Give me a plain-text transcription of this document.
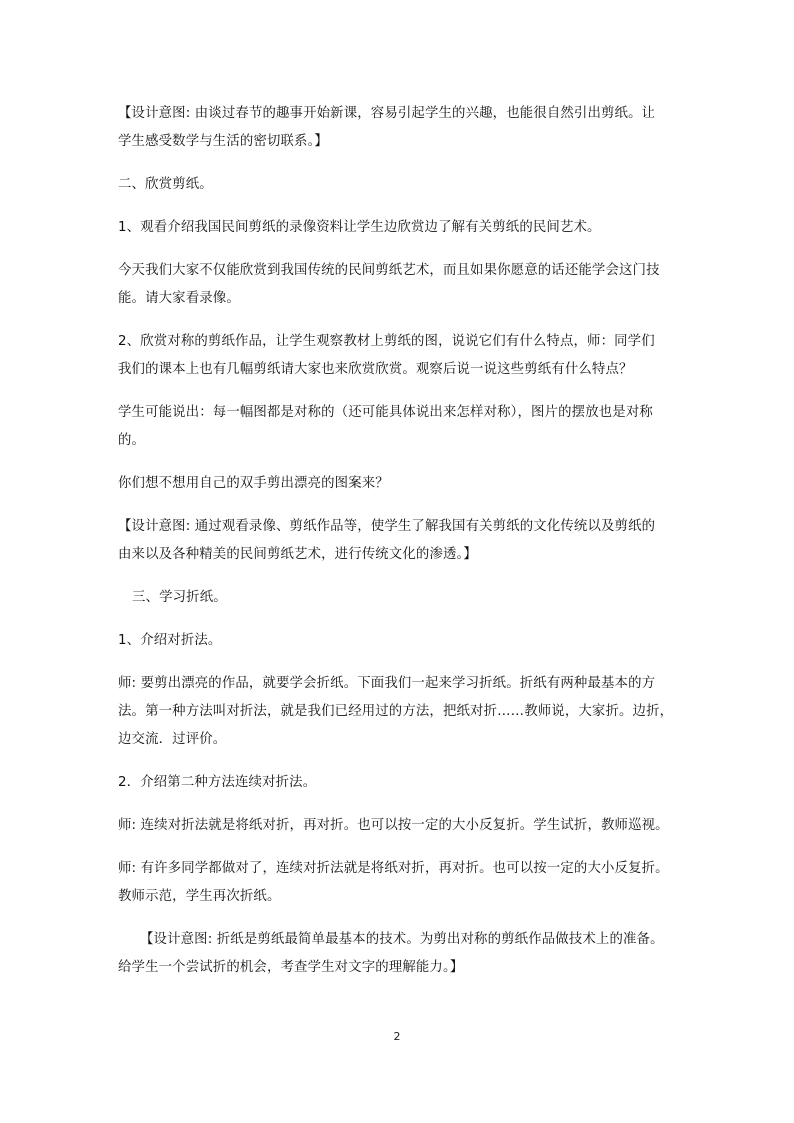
【设计意图: 由谈过春节的趣事开始新课，容易引起学生的兴趣，也能很自然引出剪纸。让
学生感受数学与生活的密切联系。】

二、欣赏剪纸。

1、观看介绍我国民间剪纸的录像资料让学生边欣赏边了解有关剪纸的民间艺术。

今天我们大家不仅能欣赏到我国传统的民间剪纸艺术，而且如果你愿意的话还能学会这门技
能。请大家看录像。

2、欣赏对称的剪纸作品，让学生观察教材上剪纸的图，说说它们有什么特点，师：同学们
我们的课本上也有几幅剪纸请大家也来欣赏欣赏。观察后说一说这些剪纸有什么特点？

学生可能说出：每一幅图都是对称的（还可能具体说出来怎样对称），图片的摆放也是对称
的。

你们想不想用自己的双手剪出漂亮的图案来？

【设计意图: 通过观看录像、剪纸作品等，使学生了解我国有关剪纸的文化传统以及剪纸的
由来以及各种精美的民间剪纸艺术，进行传统文化的渗透。】

三、学习折纸。

1、介绍对折法。

师: 要剪出漂亮的作品，就要学会折纸。下面我们一起来学习折纸。折纸有两种最基本的方
法。第一种方法叫对折法，就是我们已经用过的方法，把纸对折……教师说，大家折。边折，
边交流．过评价。

2．介绍第二种方法连续对折法。

师: 连续对折法就是将纸对折，再对折。也可以按一定的大小反复折。学生试折，教师巡视。

师: 有许多同学都做对了，连续对折法就是将纸对折，再对折。也可以按一定的大小反复折。
教师示范，学生再次折纸。

【设计意图: 折纸是剪纸最简单最基本的技术。为剪出对称的剪纸作品做技术上的准备。
给学生一个尝试折的机会，考查学生对文字的理解能力。】

2
